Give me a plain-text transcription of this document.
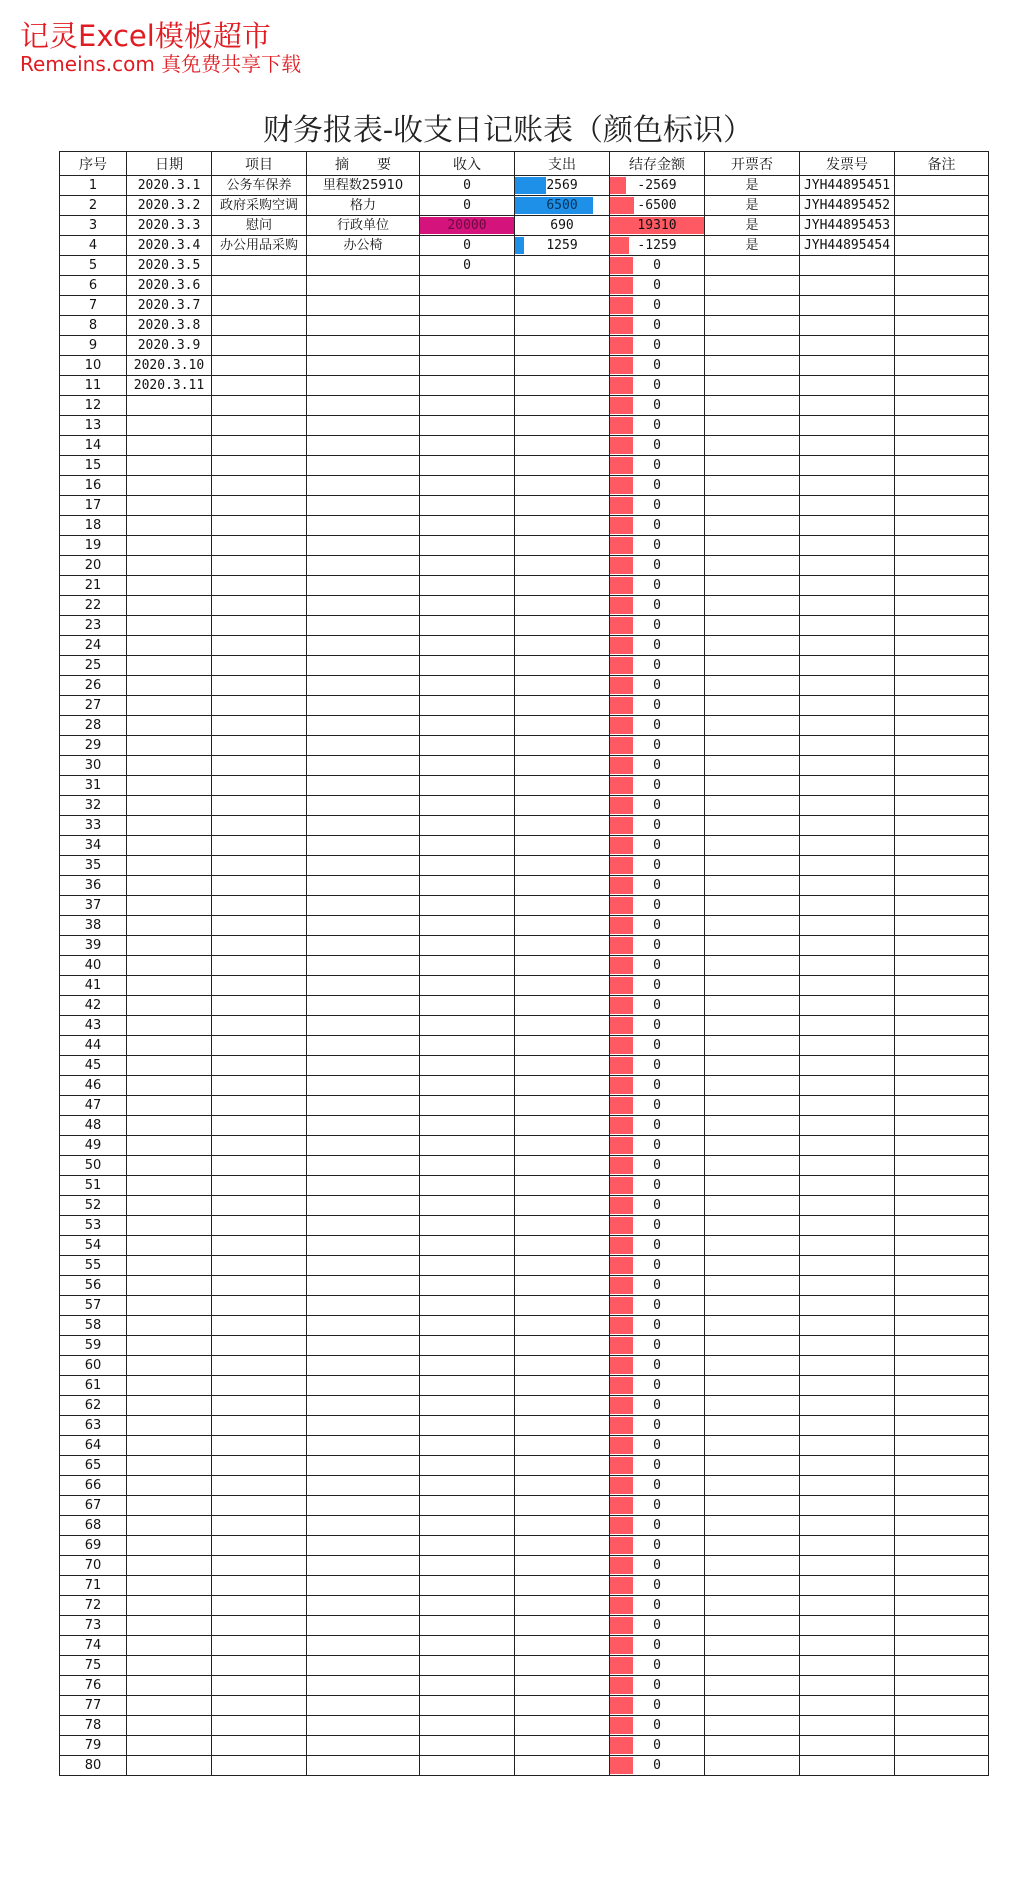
记灵Excel模板超市
Remeins.com 真免费共享下载
财务报表-收支日记账表（颜色标识）
序号	日期	项目	摘　　要	收入	支出	结存金额	开票否	发票号	备注
1	2020.3.1	公务车保养	里程数25910	0	2569	-2569	是	JYH44895451	
2	2020.3.2	政府采购空调	格力	0	6500	-6500	是	JYH44895452	
3	2020.3.3	慰问	行政单位	20000	690	19310	是	JYH44895453	
4	2020.3.4	办公用品采购	办公椅	0	1259	-1259	是	JYH44895454	
5	2020.3.5			0		0			
6	2020.3.6					0			
7	2020.3.7					0			
8	2020.3.8					0			
9	2020.3.9					0			
10	2020.3.10					0			
11	2020.3.11					0			
12						0			
13						0			
14						0			
15						0			
16						0			
17						0			
18						0			
19						0			
20						0			
21						0			
22						0			
23						0			
24						0			
25						0			
26						0			
27						0			
28						0			
29						0			
30						0			
31						0			
32						0			
33						0			
34						0			
35						0			
36						0			
37						0			
38						0			
39						0			
40						0			
41						0			
42						0			
43						0			
44						0			
45						0			
46						0			
47						0			
48						0			
49						0			
50						0			
51						0			
52						0			
53						0			
54						0			
55						0			
56						0			
57						0			
58						0			
59						0			
60						0			
61						0			
62						0			
63						0			
64						0			
65						0			
66						0			
67						0			
68						0			
69						0			
70						0			
71						0			
72						0			
73						0			
74						0			
75						0			
76						0			
77						0			
78						0			
79						0			
80						0			
